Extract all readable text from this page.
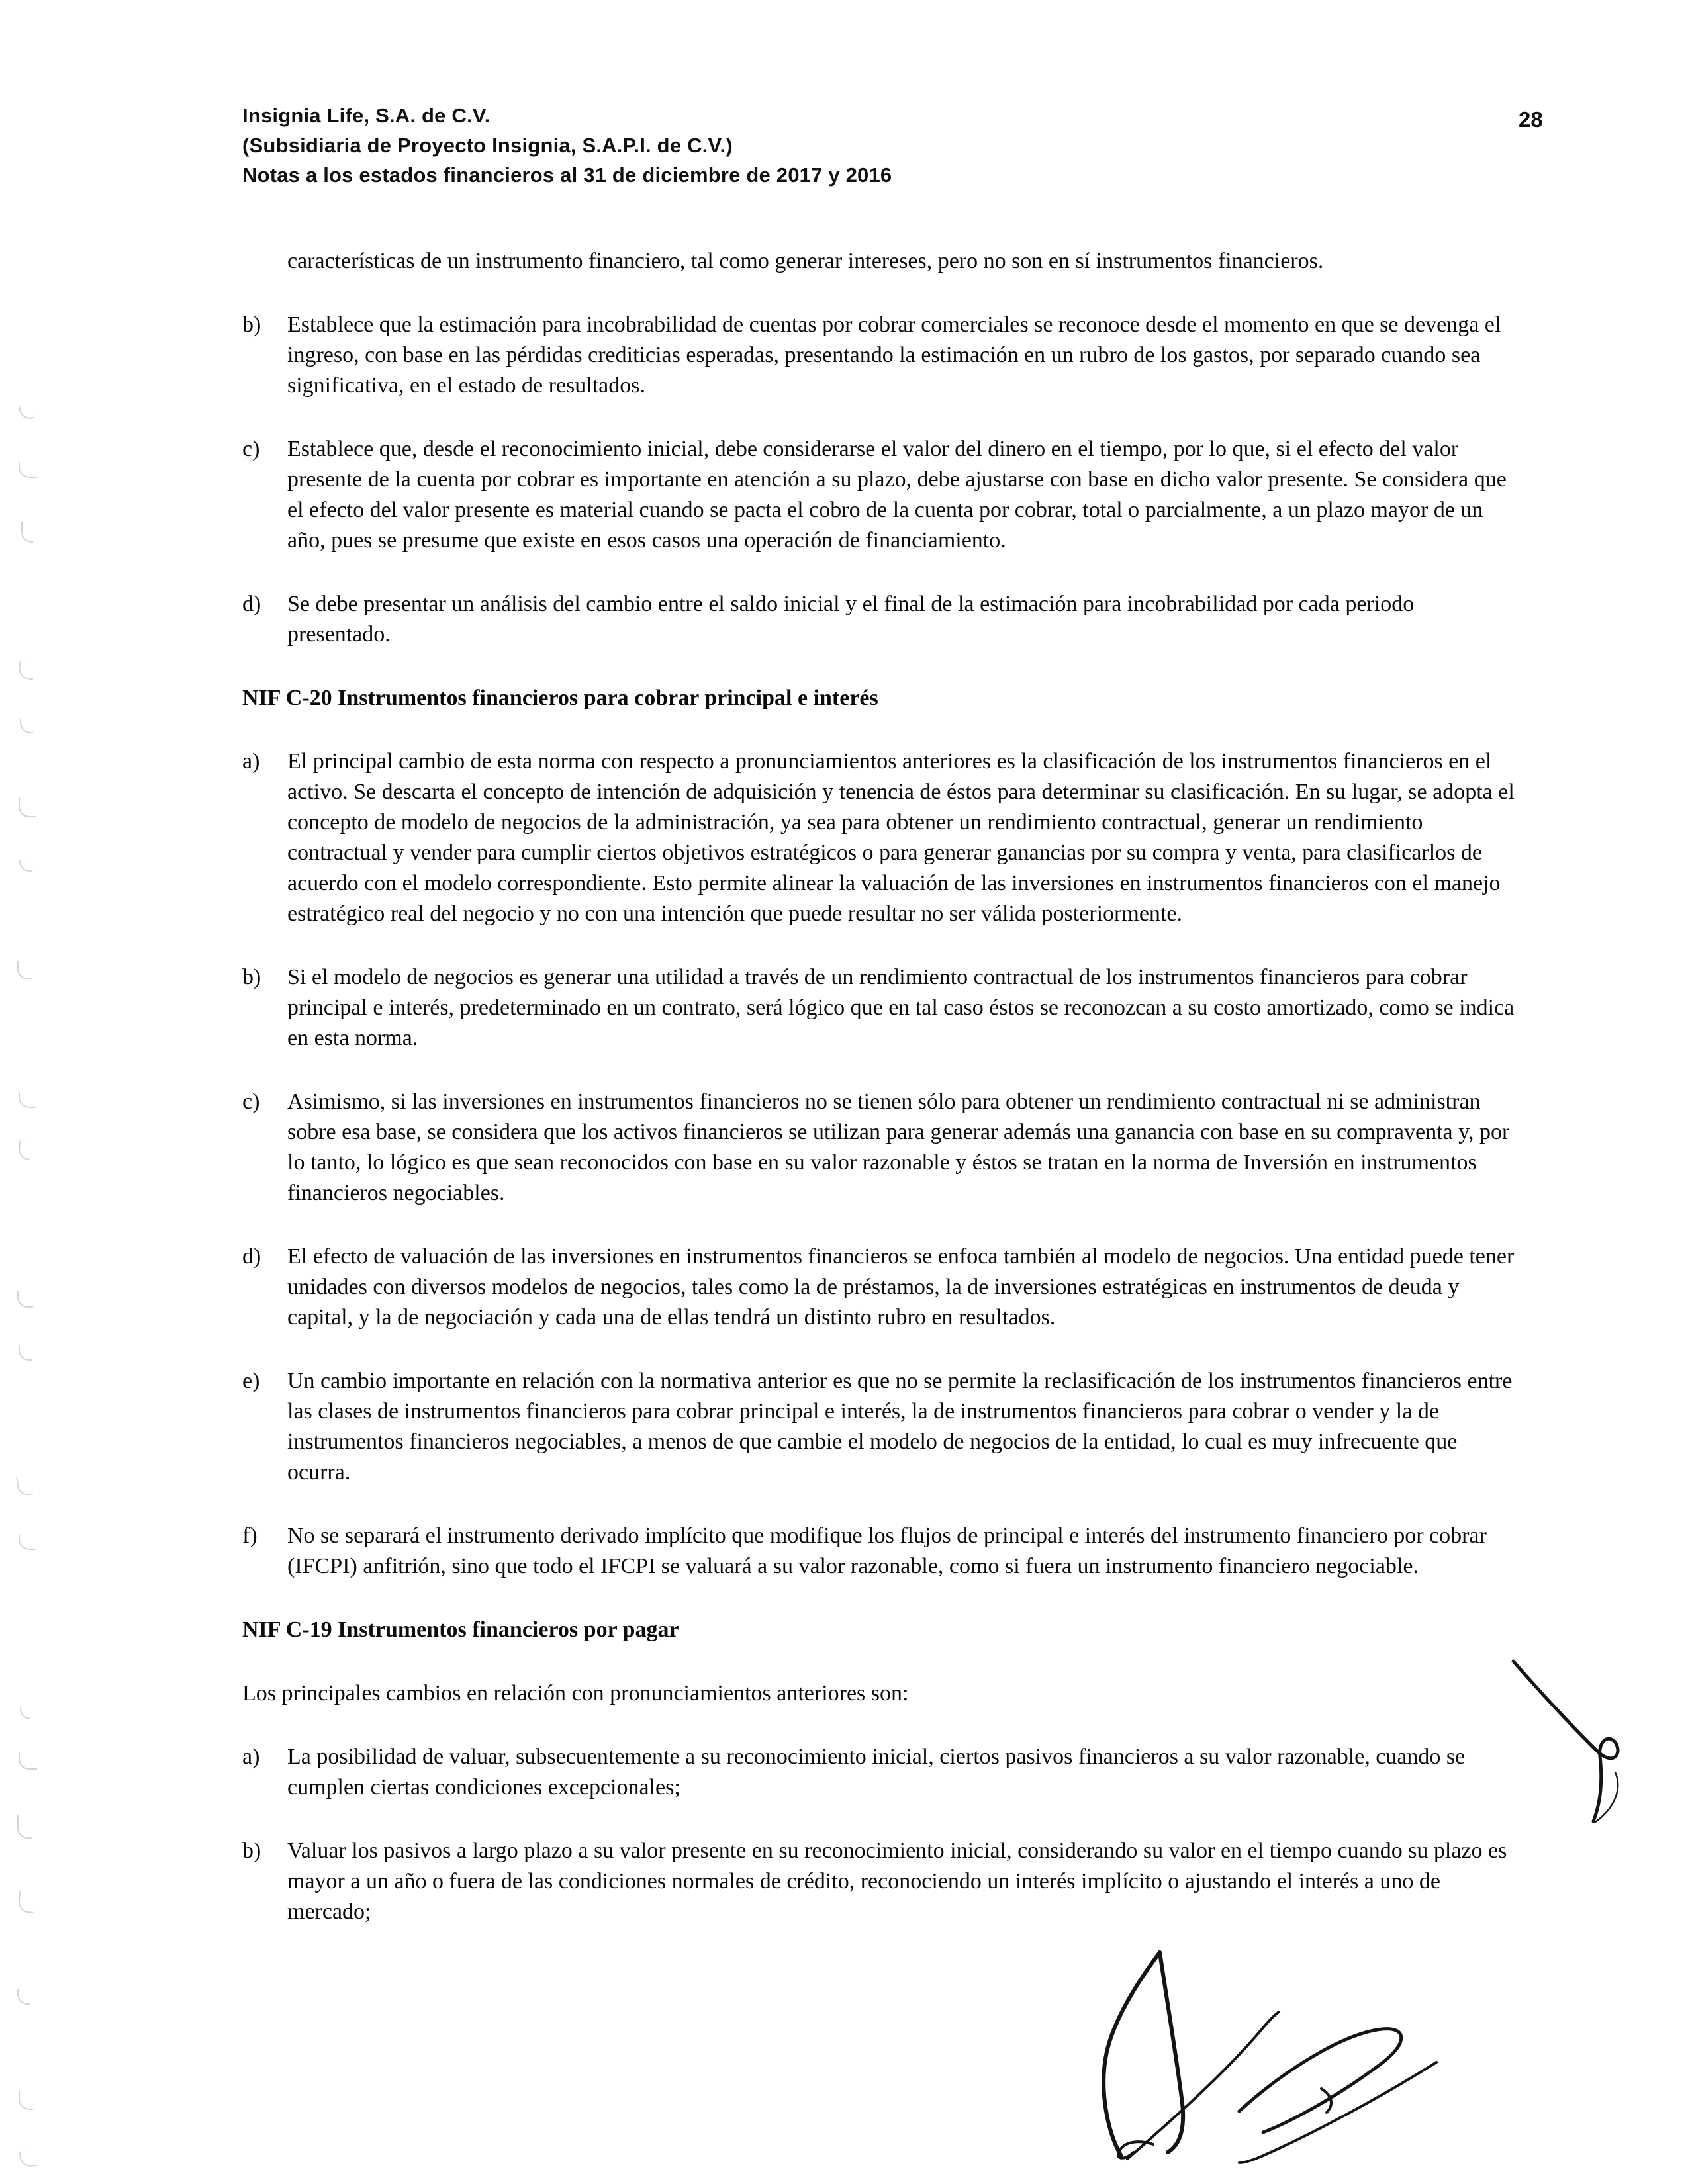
28
Insignia Life, S.A. de C.V.
(Subsidiaria de Proyecto Insignia, S.A.P.I. de C.V.)
Notas a los estados financieros al 31 de diciembre de 2017 y 2016

características de un instrumento financiero, tal como generar intereses, pero no son en sí instrumentos financieros.

b) Establece que la estimación para incobrabilidad de cuentas por cobrar comerciales se reconoce desde el momento en que se devenga el ingreso, con base en las pérdidas crediticias esperadas, presentando la estimación en un rubro de los gastos, por separado cuando sea significativa, en el estado de resultados.
c) Establece que, desde el reconocimiento inicial, debe considerarse el valor del dinero en el tiempo, por lo que, si el efecto del valor presente de la cuenta por cobrar es importante en atención a su plazo, debe ajustarse con base en dicho valor presente. Se considera que el efecto del valor presente es material cuando se pacta el cobro de la cuenta por cobrar, total o parcialmente, a un plazo mayor de un año, pues se presume que existe en esos casos una operación de financiamiento.
d) Se debe presentar un análisis del cambio entre el saldo inicial y el final de la estimación para incobrabilidad por cada periodo presentado.
NIF C-20 Instrumentos financieros para cobrar principal e interés
a) El principal cambio de esta norma con respecto a pronunciamientos anteriores es la clasificación de los instrumentos financieros en el activo. Se descarta el concepto de intención de adquisición y tenencia de éstos para determinar su clasificación. En su lugar, se adopta el concepto de modelo de negocios de la administración, ya sea para obtener un rendimiento contractual, generar un rendimiento contractual y vender para cumplir ciertos objetivos estratégicos o para generar ganancias por su compra y venta, para clasificarlos de acuerdo con el modelo correspondiente. Esto permite alinear la valuación de las inversiones en instrumentos financieros con el manejo estratégico real del negocio y no con una intención que puede resultar no ser válida posteriormente.
b) Si el modelo de negocios es generar una utilidad a través de un rendimiento contractual de los instrumentos financieros para cobrar principal e interés, predeterminado en un contrato, será lógico que en tal caso éstos se reconozcan a su costo amortizado, como se indica en esta norma.
c) Asimismo, si las inversiones en instrumentos financieros no se tienen sólo para obtener un rendimiento contractual ni se administran sobre esa base, se considera que los activos financieros se utilizan para generar además una ganancia con base en su compraventa y, por lo tanto, lo lógico es que sean reconocidos con base en su valor razonable y éstos se tratan en la norma de Inversión en instrumentos financieros negociables.
d) El efecto de valuación de las inversiones en instrumentos financieros se enfoca también al modelo de negocios. Una entidad puede tener unidades con diversos modelos de negocios, tales como la de préstamos, la de inversiones estratégicas en instrumentos de deuda y capital, y la de negociación y cada una de ellas tendrá un distinto rubro en resultados.
e) Un cambio importante en relación con la normativa anterior es que no se permite la reclasificación de los instrumentos financieros entre las clases de instrumentos financieros para cobrar principal e interés, la de instrumentos financieros para cobrar o vender y la de instrumentos financieros negociables, a menos de que cambie el modelo de negocios de la entidad, lo cual es muy infrecuente que ocurra.
f) No se separará el instrumento derivado implícito que modifique los flujos de principal e interés del instrumento financiero por cobrar (IFCPI) anfitrión, sino que todo el IFCPI se valuará a su valor razonable, como si fuera un instrumento financiero negociable.
NIF C-19 Instrumentos financieros por pagar

Los principales cambios en relación con pronunciamientos anteriores son:

a) La posibilidad de valuar, subsecuentemente a su reconocimiento inicial, ciertos pasivos financieros a su valor razonable, cuando se cumplen ciertas condiciones excepcionales;
b) Valuar los pasivos a largo plazo a su valor presente en su reconocimiento inicial, considerando su valor en el tiempo cuando su plazo es mayor a un año o fuera de las condiciones normales de crédito, reconociendo un interés implícito o ajustando el interés a uno de mercado;
